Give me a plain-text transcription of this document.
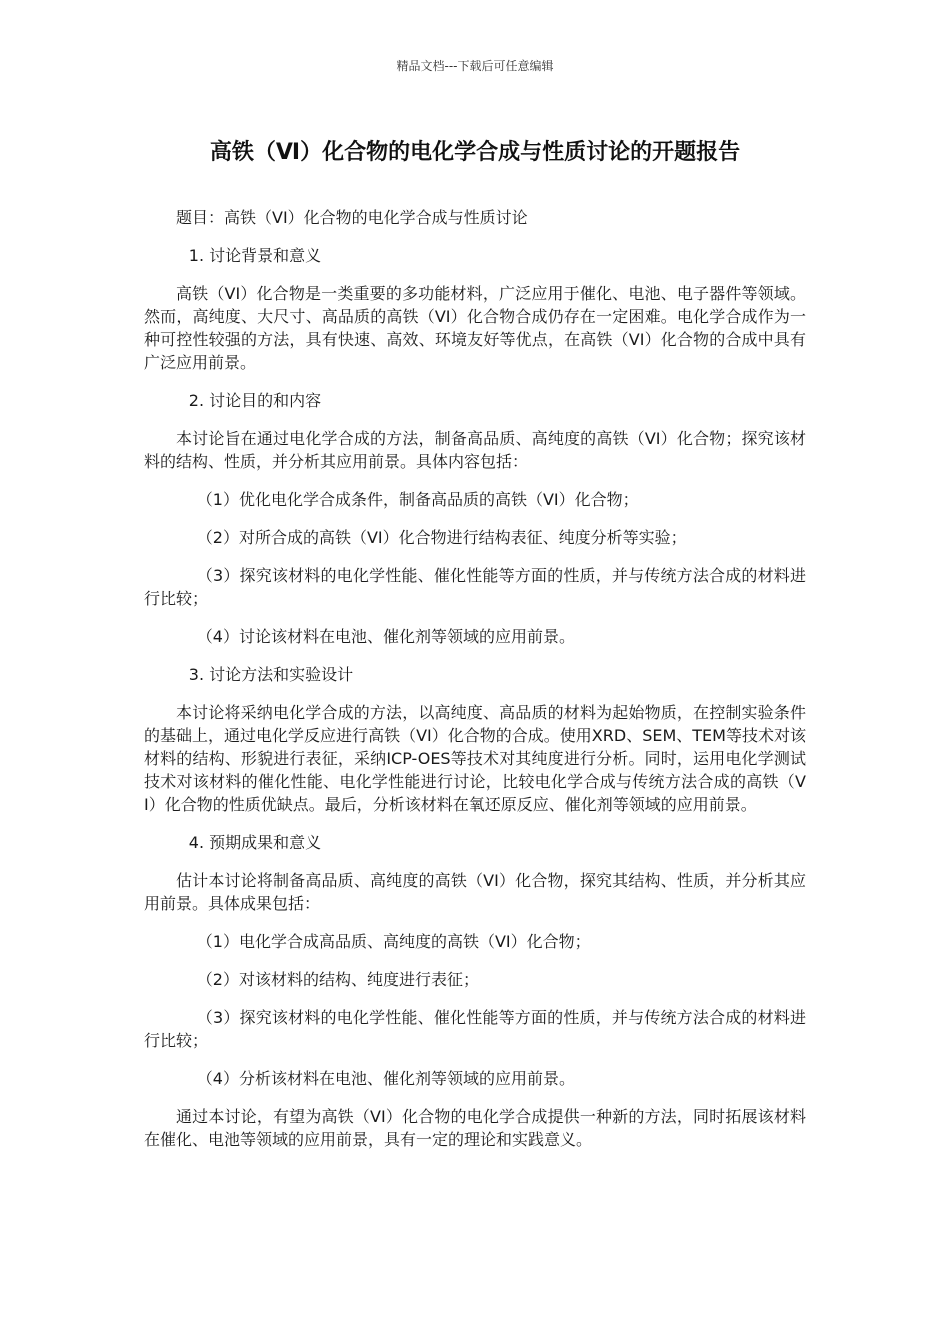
精品文档---下载后可任意编辑
高铁（Ⅵ）化合物的电化学合成与性质讨论的开题报告

题目：高铁（VI）化合物的电化学合成与性质讨论

1. 讨论背景和意义

高铁（VI）化合物是一类重要的多功能材料，广泛应用于催化、电池、电子器件等领域。然而，高纯度、大尺寸、高品质的高铁（VI）化合物合成仍存在一定困难。电化学合成作为一种可控性较强的方法，具有快速、高效、环境友好等优点，在高铁（VI）化合物的合成中具有广泛应用前景。

2. 讨论目的和内容

本讨论旨在通过电化学合成的方法，制备高品质、高纯度的高铁（VI）化合物；探究该材料的结构、性质，并分析其应用前景。具体内容包括：

（1）优化电化学合成条件，制备高品质的高铁（VI）化合物；

（2）对所合成的高铁（VI）化合物进行结构表征、纯度分析等实验；

（3）探究该材料的电化学性能、催化性能等方面的性质，并与传统方法合成的材料进行比较；

（4）讨论该材料在电池、催化剂等领域的应用前景。

3. 讨论方法和实验设计

本讨论将采纳电化学合成的方法，以高纯度、高品质的材料为起始物质，在控制实验条件的基础上，通过电化学反应进行高铁（VI）化合物的合成。使用XRD、SEM、TEM等技术对该材料的结构、形貌进行表征，采纳ICP-OES等技术对其纯度进行分析。同时，运用电化学测试技术对该材料的催化性能、电化学性能进行讨论，比较电化学合成与传统方法合成的高铁（VI）化合物的性质优缺点。最后，分析该材料在氧还原反应、催化剂等领域的应用前景。

4. 预期成果和意义

估计本讨论将制备高品质、高纯度的高铁（VI）化合物，探究其结构、性质，并分析其应用前景。具体成果包括：

（1）电化学合成高品质、高纯度的高铁（VI）化合物；

（2）对该材料的结构、纯度进行表征；

（3）探究该材料的电化学性能、催化性能等方面的性质，并与传统方法合成的材料进行比较；

（4）分析该材料在电池、催化剂等领域的应用前景。

通过本讨论，有望为高铁（VI）化合物的电化学合成提供一种新的方法，同时拓展该材料在催化、电池等领域的应用前景，具有一定的理论和实践意义。
